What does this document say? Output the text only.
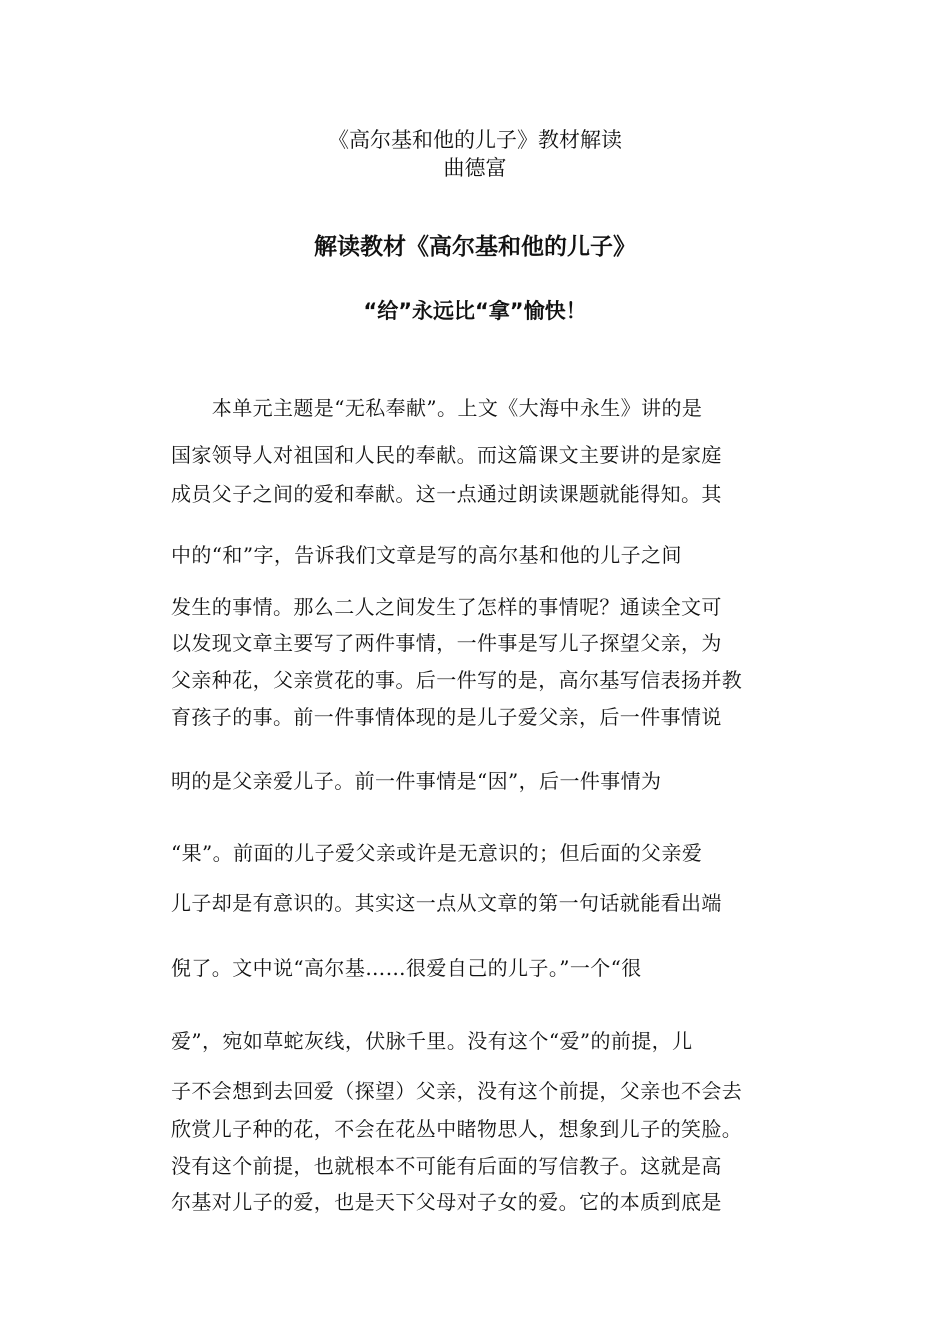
《高尔基和他的儿子》教材解读
曲德富
解读教材《高尔基和他的儿子》
“给”永远比“拿”愉快！
　　本单元主题是“无私奉献”。上文《大海中永生》讲的是
国家领导人对祖国和人民的奉献。而这篇课文主要讲的是家庭
成员父子之间的爱和奉献。这一点通过朗读课题就能得知。其
中的“和”字，告诉我们文章是写的高尔基和他的儿子之间
发生的事情。那么二人之间发生了怎样的事情呢？通读全文可
以发现文章主要写了两件事情，一件事是写儿子探望父亲，为
父亲种花，父亲赏花的事。后一件写的是，高尔基写信表扬并教
育孩子的事。前一件事情体现的是儿子爱父亲，后一件事情说
明的是父亲爱儿子。前一件事情是“因”，后一件事情为
“果”。前面的儿子爱父亲或许是无意识的；但后面的父亲爱
儿子却是有意识的。其实这一点从文章的第一句话就能看出端
倪了。文中说“高尔基……很爱自己的儿子。”一个“很
爱”，宛如草蛇灰线，伏脉千里。没有这个“爱”的前提，儿
子不会想到去回爱（探望）父亲，没有这个前提，父亲也不会去
欣赏儿子种的花，不会在花丛中睹物思人，想象到儿子的笑脸。
没有这个前提，也就根本不可能有后面的写信教子。这就是高
尔基对儿子的爱，也是天下父母对子女的爱。它的本质到底是
